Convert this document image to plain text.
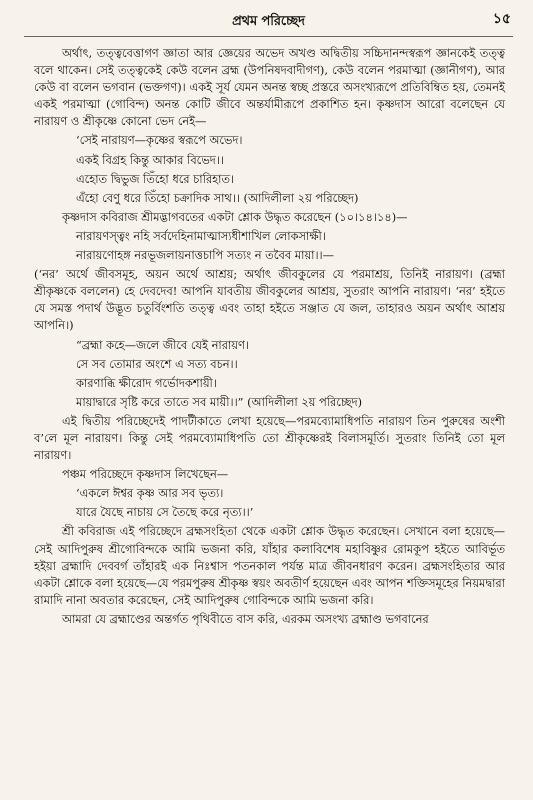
প্রথম পরিচ্ছেদ	১৫

অর্থাৎ, তত্ত্ববেত্তাগণ জ্ঞাতা আর জ্ঞেয়ের অভেদ অখণ্ড অদ্বিতীয় সচ্চিদানন্দস্বরূপ জ্ঞানকেই তত্ত্ব বলে থাকেন। সেই তত্ত্বকেই কেউ বলেন ব্রহ্ম (উপনিষদবাদীগণ), কেউ বলেন পরমাত্মা (জ্ঞানীগণ), আর কেউ বা বলেন ভগবান (ভক্তগণ)। একই সূর্য যেমন অনন্ত স্বচ্ছ প্রস্তরে অসংখ্যরূপে প্রতিবিম্বিত হয়, তেমনই একই পরমাত্মা (গোবিন্দ) অনন্ত কোটি জীবে অন্তর্যামীরূপে প্রকাশিত হন। কৃষ্ণদাস আরো বলেছেন যে নারায়ণ ও শ্রীকৃষ্ণে কোনো ভেদ নেই—

‘সেই নারায়ণ—কৃষ্ণের স্বরূপে অভেদ।
একই বিগ্রহ কিন্তু আকার বিভেদ।।
এহোত দ্বিভুজ তিঁহো ধরে চারিহাত।
এঁহো বেণু ধরে তিঁহো চক্রাদিক সাথ।। (আদিলীলা ২য় পরিচ্ছেদ)

কৃষ্ণদাস কবিরাজ শ্রীমদ্ভাগবতের একটা শ্লোক উদ্ধৃত করেছেন (১০।১৪।১৪)—

নারায়ণস্ত্বং নহি সর্বদেহিনামাত্মাস্যধীশাখিল লোকসাক্ষী।
নারায়ণোহঙ্গ নরভূজলায়নাত্তচাপি সত্যং ন তবৈব মায়া।।—

(‘নর’ অর্থে জীবসমূহ, অয়ন অর্থে আশ্রয়; অর্থাৎ জীবকুলের যে পরমাশ্রয়, তিনিই নারায়ণ। (ব্রহ্মা শ্রীকৃষ্ণকে বললেন) হে দেবদেব! আপনি যাবতীয় জীবকুলের আশ্রয়, সুতরাং আপনি নারায়ণ। ‘নর’ হইতে যে সমস্ত পদার্থ উদ্ভূত চতুর্বিংশতি তত্ত্ব এবং তাহা হইতে সঞ্জাত যে জল, তাহারও অয়ন অর্থাৎ আশ্রয় আপনি।)

“ব্রহ্মা কহে—জলে জীবে যেই নারায়ণ।
সে সব তোমার অংশে এ সত্য বচন।।
কারণাব্ধি ক্ষীরোদ গর্ভোদকশায়ী।
মায়াদ্বারে সৃষ্টি করে তাতে সব মায়ী।।” (আদিলীলা ২য় পরিচ্ছেদ)

এই দ্বিতীয় পরিচ্ছেদেই পাদটীকাতে লেখা হয়েছে—পরমব্যোমাধিপতি নারায়ণ তিন পুরুষের অংশী ব’লে মূল নারায়ণ। কিন্তু সেই পরমব্যোমাধিপতি তো শ্রীকৃষ্ণেরই বিলাসমূর্তি। সুতরাং তিনিই তো মূল নারায়ণ।

পঞ্চম পরিচ্ছেদে কৃষ্ণদাস লিখেছেন—

‘একলে ঈশ্বর কৃষ্ণ আর সব ভৃত্য।
যারে যৈছে নাচায় সে তৈছে করে নৃত্য।।’

শ্রী কবিরাজ এই পরিচ্ছেদে ব্রহ্মসংহিতা থেকে একটা শ্লোক উদ্ধৃত করেছেন। সেখানে বলা হয়েছে—সেই আদিপুরুষ শ্রীগোবিন্দকে আমি ভজনা করি, যাঁহার কলাবিশেষ মহাবিষ্ণুর রোমকূপ হইতে আবির্ভূত হইয়া ব্রহ্মাদি দেববর্গ তাঁহারই এক নিঃশ্বাস পতনকাল পর্যন্ত মাত্র জীবনধারণ করেন। ব্রহ্মসংহিতার আর একটা শ্লোকে বলা হয়েছে—যে পরমপুরুষ শ্রীকৃষ্ণ স্বয়ং অবতীর্ণ হয়েছেন এবং আপন শক্তিসমূহের নিয়মদ্বারা রামাদি নানা অবতার করেছেন, সেই আদিপুরুষ গোবিন্দকে আমি ভজনা করি।

আমরা যে ব্রহ্মাণ্ডের অন্তর্গত পৃথিবীতে বাস করি, এরকম অসংখ্য ব্রহ্মাণ্ড ভগবানের
